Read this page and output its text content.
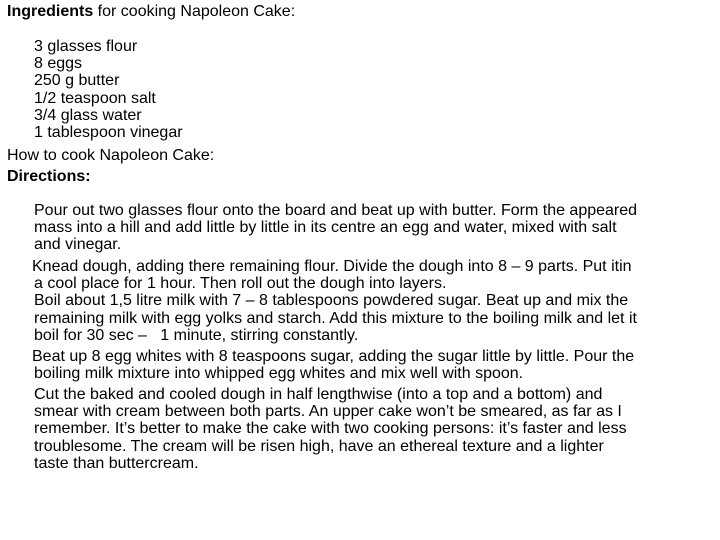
Ingredients for cooking Napoleon Cake:
3 glasses flour
8 eggs
250 g butter
1/2 teaspoon salt
3/4 glass water
1 tablespoon vinegar
How to cook Napoleon Cake:
Directions:
Pour out two glasses flour onto the board and beat up with butter. Form the appeared
mass into a hill and add little by little in its centre an egg and water, mixed with salt
and vinegar.
Knead dough, adding there remaining flour. Divide the dough into 8 – 9 parts. Put itin
a cool place for 1 hour. Then roll out the dough into layers.
Boil about 1,5 litre milk with 7 – 8 tablespoons powdered sugar. Beat up and mix the
remaining milk with egg yolks and starch. Add this mixture to the boiling milk and let it
boil for 30 sec –   1 minute, stirring constantly.
Beat up 8 egg whites with 8 teaspoons sugar, adding the sugar little by little. Pour the
boiling milk mixture into whipped egg whites and mix well with spoon.
Cut the baked and cooled dough in half lengthwise (into a top and a bottom) and
smear with cream between both parts. An upper cake won’t be smeared, as far as I
remember. It’s better to make the cake with two cooking persons: it’s faster and less
troublesome. The cream will be risen high, have an ethereal texture and a lighter
taste than buttercream.
